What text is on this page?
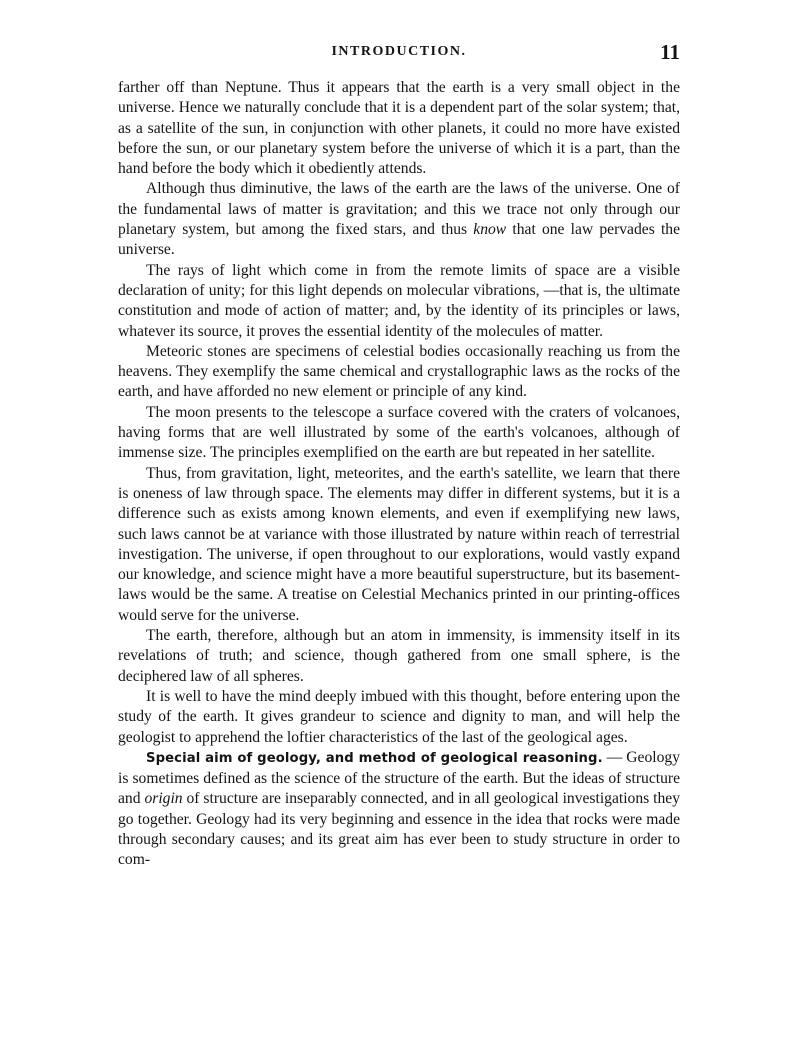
INTRODUCTION.	11

farther off than Neptune. Thus it appears that the earth is a very small object in the universe. Hence we naturally conclude that it is a dependent part of the solar system; that, as a satellite of the sun, in conjunction with other planets, it could no more have existed before the sun, or our planetary system before the universe of which it is a part, than the hand before the body which it obediently attends.

Although thus diminutive, the laws of the earth are the laws of the universe. One of the fundamental laws of matter is gravitation; and this we trace not only through our planetary system, but among the fixed stars, and thus know that one law pervades the universe.

The rays of light which come in from the remote limits of space are a visible declaration of unity; for this light depends on molecular vibrations, —that is, the ultimate constitution and mode of action of matter; and, by the identity of its principles or laws, whatever its source, it proves the essential identity of the molecules of matter.

Meteoric stones are specimens of celestial bodies occasionally reaching us from the heavens. They exemplify the same chemical and crystallographic laws as the rocks of the earth, and have afforded no new element or principle of any kind.

The moon presents to the telescope a surface covered with the craters of volcanoes, having forms that are well illustrated by some of the earth's volcanoes, although of immense size. The principles exemplified on the earth are but repeated in her satellite.

Thus, from gravitation, light, meteorites, and the earth's satellite, we learn that there is oneness of law through space. The elements may differ in different systems, but it is a difference such as exists among known elements, and even if exemplifying new laws, such laws cannot be at variance with those illustrated by nature within reach of terrestrial investigation. The universe, if open throughout to our explorations, would vastly expand our knowledge, and science might have a more beautiful superstructure, but its basement-laws would be the same. A treatise on Celestial Mechanics printed in our printing-offices would serve for the universe.

The earth, therefore, although but an atom in immensity, is immensity itself in its revelations of truth; and science, though gathered from one small sphere, is the deciphered law of all spheres.

It is well to have the mind deeply imbued with this thought, before entering upon the study of the earth. It gives grandeur to science and dignity to man, and will help the geologist to apprehend the loftier characteristics of the last of the geological ages.

Special aim of geology, and method of geological reasoning. — Geology is sometimes defined as the science of the structure of the earth. But the ideas of structure and origin of structure are inseparably connected, and in all geological investigations they go together. Geology had its very beginning and essence in the idea that rocks were made through secondary causes; and its great aim has ever been to study structure in order to com-
